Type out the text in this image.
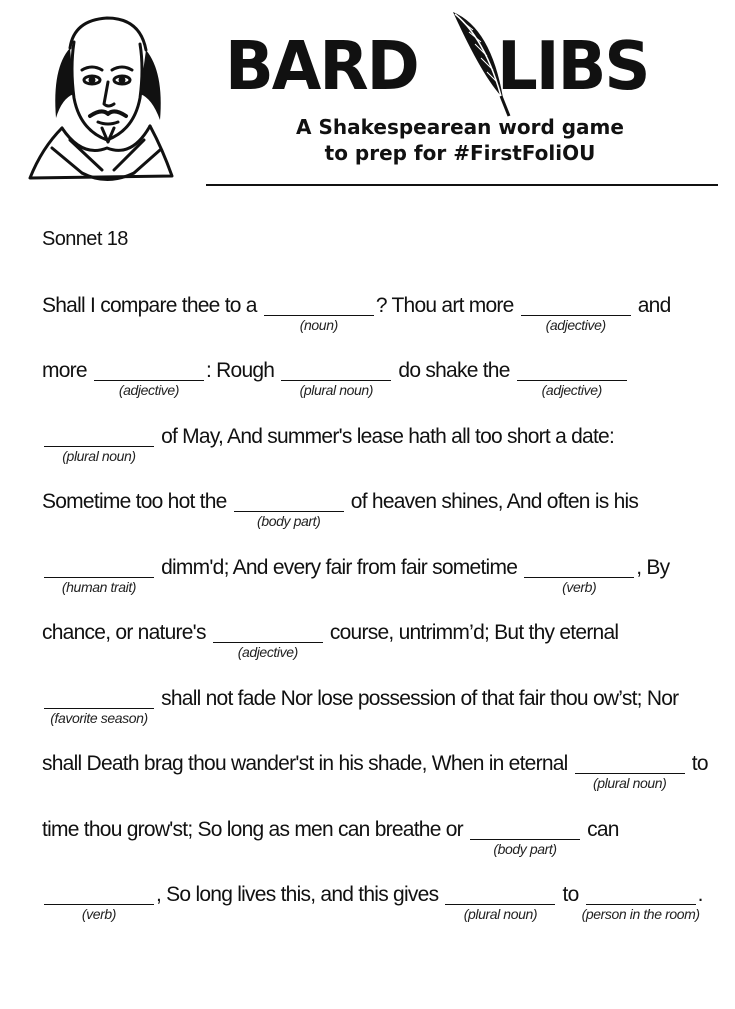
BARD LIBS
A Shakespearean word game
to prep for #FirstFoliOU
Sonnet 18
Shall I compare thee to a
(noun)
? Thou art more
(adjective)
and
more
(adjective)
: Rough
(plural noun)
do shake the
(adjective)
(plural noun)
of May, And summer's lease hath all too short a date:
Sometime too hot the
(body part)
of heaven shines, And often is his
(human trait)
dimm'd; And every fair from fair sometime
(verb)
, By
chance, or nature's
(adjective)
course, untrimm’d; But thy eternal
(favorite season)
shall not fade Nor lose possession of that fair thou ow’st; Nor
shall Death brag thou wander'st in his shade, When in eternal
(plural noun)
to
time thou grow'st; So long as men can breathe or
(body part)
can
(verb)
, So long lives this, and this gives
(plural noun)
to
(person in the room)
.
